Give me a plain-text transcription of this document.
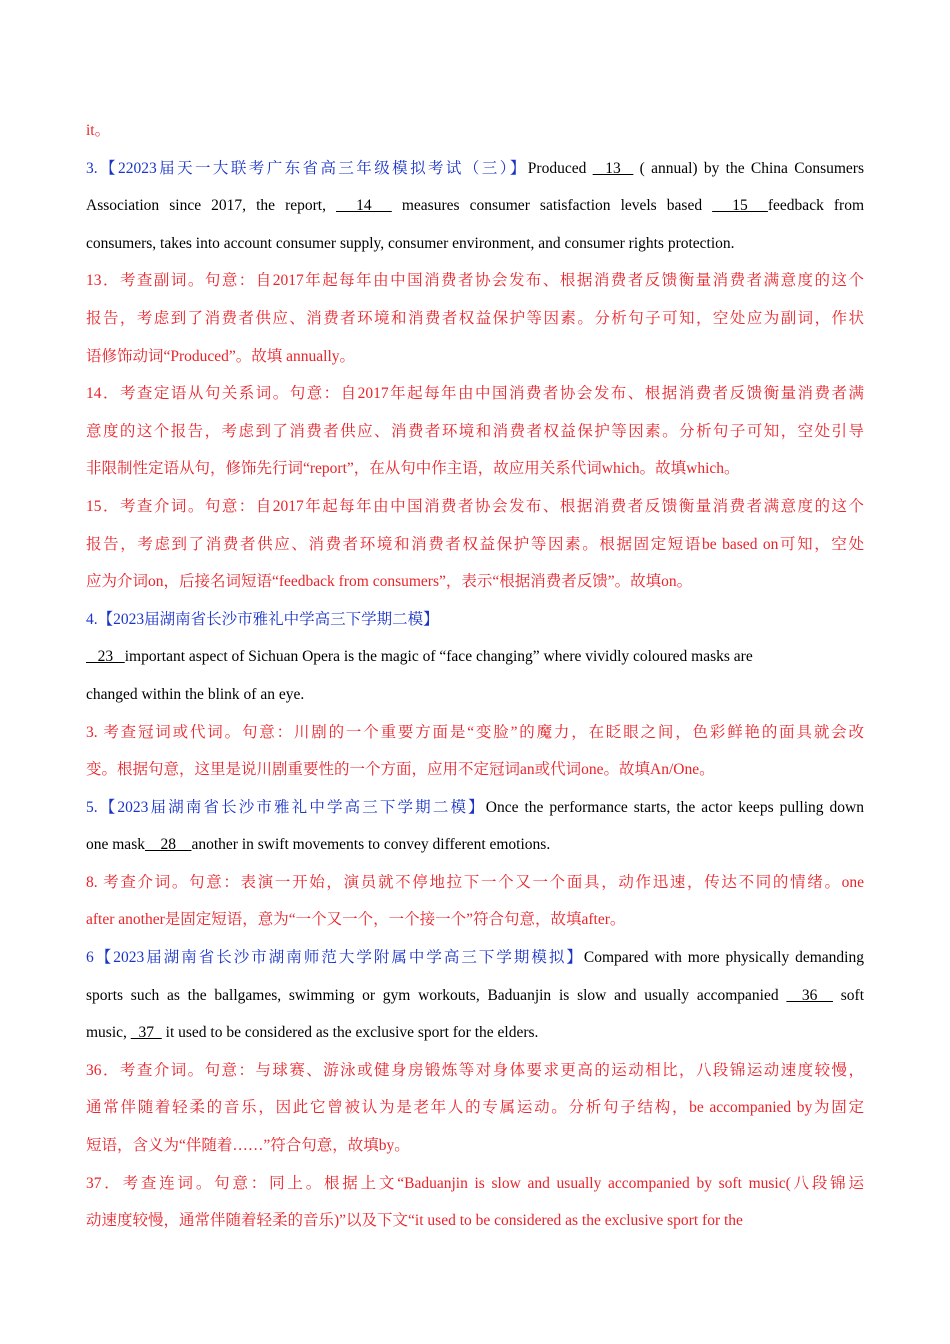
it。
3.【22023届天一大联考广东省高三年级模拟考试（三）】Produced   13   ( annual) by the China Consumers
Association since 2017, the report,   14   measures consumer satisfaction levels based   15  feedback from
consumers, takes into account consumer supply, consumer environment, and consumer rights protection.
13．考查副词。句意：自2017年起每年由中国消费者协会发布、根据消费者反馈衡量消费者满意度的这个
报告，考虑到了消费者供应、消费者环境和消费者权益保护等因素。分析句子可知，空处应为副词，作状
语修饰动词“Produced”。故填 annually。
14．考查定语从句关系词。句意：自2017年起每年由中国消费者协会发布、根据消费者反馈衡量消费者满
意度的这个报告，考虑到了消费者供应、消费者环境和消费者权益保护等因素。分析句子可知，空处引导
非限制性定语从句，修饰先行词“report”，在从句中作主语，故应用关系代词which。故填which。
15．考查介词。句意：自2017年起每年由中国消费者协会发布、根据消费者反馈衡量消费者满意度的这个
报告，考虑到了消费者供应、消费者环境和消费者权益保护等因素。根据固定短语be based on可知，空处
应为介词on，后接名词短语“feedback from consumers”，表示“根据消费者反馈”。故填on。
4.【2023届湖南省长沙市雅礼中学高三下学期二模】
23   important aspect of Sichuan Opera is the magic of “face changing” where vividly coloured masks are
changed within the blink of an eye.
3. 考查冠词或代词。句意：川剧的一个重要方面是“变脸”的魔力，在眨眼之间，色彩鲜艳的面具就会改
变。根据句意，这里是说川剧重要性的一个方面，应用不定冠词an或代词one。故填An/One。
5.【2023届湖南省长沙市雅礼中学高三下学期二模】Once the performance starts, the actor keeps pulling down
one mask    28    another in swift movements to convey different emotions.
8. 考查介词。句意：表演一开始，演员就不停地拉下一个又一个面具，动作迅速，传达不同的情绪。one
after another是固定短语，意为“一个又一个，一个接一个”符合句意，故填after。
6【2023届湖南省长沙市湖南师范大学附属中学高三下学期模拟】Compared with more physically demanding
sports such as the ballgames, swimming or gym workouts, Baduanjin is slow and usually accompanied   36   soft
music,   37   it used to be considered as the exclusive sport for the elders.
36．考查介词。句意：与球赛、游泳或健身房锻炼等对身体要求更高的运动相比，八段锦运动速度较慢，
通常伴随着轻柔的音乐，因此它曾被认为是老年人的专属运动。分析句子结构，be accompanied by为固定
短语，含义为“伴随着……”符合句意，故填by。
37．考查连词。句意：同上。根据上文“Baduanjin is slow and usually accompanied by soft music(八段锦运
动速度较慢，通常伴随着轻柔的音乐)”以及下文“it used to be considered as the exclusive sport for the
